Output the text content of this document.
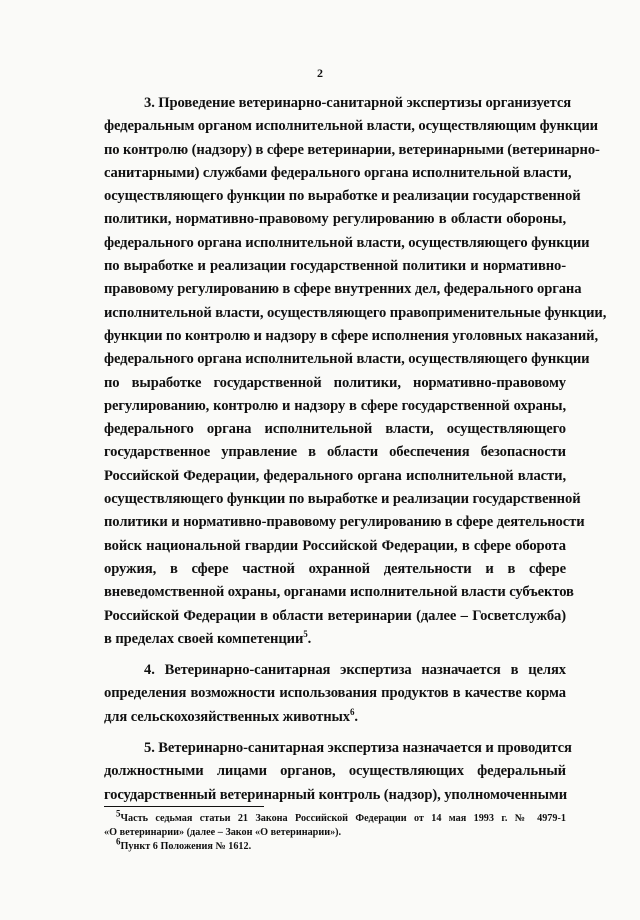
2
3. Проведение ветеринарно-санитарной экспертизы организуется
федеральным органом исполнительной власти, осуществляющим функции
по контролю (надзору) в сфере ветеринарии, ветеринарными (ветеринарно-
санитарными) службами федерального органа исполнительной власти,
осуществляющего функции по выработке и реализации государственной
политики, нормативно-правовому регулированию в области обороны,
федерального органа исполнительной власти, осуществляющего функции
по выработке и реализации государственной политики и нормативно-
правовому регулированию в сфере внутренних дел, федерального органа
исполнительной власти, осуществляющего правоприменительные функции,
функции по контролю и надзору в сфере исполнения уголовных наказаний,
федерального органа исполнительной власти, осуществляющего функции
по выработке государственной политики, нормативно-правовому
регулированию, контролю и надзору в сфере государственной охраны,
федерального органа исполнительной власти, осуществляющего
государственное управление в области обеспечения безопасности
Российской Федерации, федерального органа исполнительной власти,
осуществляющего функции по выработке и реализации государственной
политики и нормативно-правовому регулированию в сфере деятельности
войск национальной гвардии Российской Федерации, в сфере оборота
оружия, в сфере частной охранной деятельности и в сфере
вневедомственной охраны, органами исполнительной власти субъектов
Российской Федерации в области ветеринарии (далее – Госветслужба)
в пределах своей компетенции$^5$.
4. Ветеринарно-санитарная экспертиза назначается в целях
определения возможности использования продуктов в качестве корма
для сельскохозяйственных животных$^6$.
5. Ветеринарно-санитарная экспертиза назначается и проводится
должностными лицами органов, осуществляющих федеральный
государственный ветеринарный контроль (надзор), уполномоченными
$^5$Часть седьмая статьи 21 Закона Российской Федерации от 14 мая 1993 г. № 4979-1
«О ветеринарии» (далее – Закон «О ветеринарии»).
$^6$Пункт 6 Положения № 1612.
